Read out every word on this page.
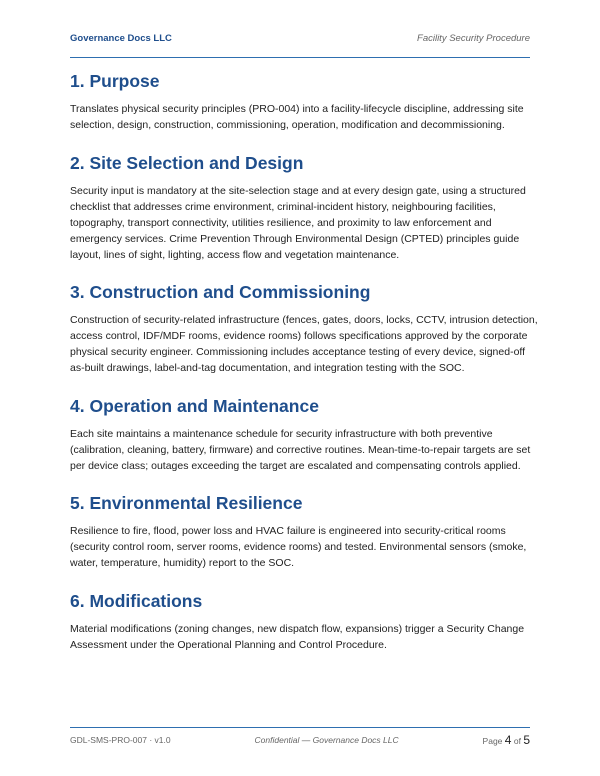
Governance Docs LLC	Facility Security Procedure
1. Purpose

Translates physical security principles (PRO-004) into a facility-lifecycle discipline, addressing site selection, design, construction, commissioning, operation, modification and decommissioning.

2. Site Selection and Design

Security input is mandatory at the site-selection stage and at every design gate, using a structured checklist that addresses crime environment, criminal-incident history, neighbouring facilities, topography, transport connectivity, utilities resilience, and proximity to law enforcement and emergency services. Crime Prevention Through Environmental Design (CPTED) principles guide layout, lines of sight, lighting, access flow and vegetation maintenance.

3. Construction and Commissioning

Construction of security-related infrastructure (fences, gates, doors, locks, CCTV, intrusion detection, access control, IDF/MDF rooms, evidence rooms) follows specifications approved by the corporate physical security engineer. Commissioning includes acceptance testing of every device, signed-off as-built drawings, label-and-tag documentation, and integration testing with the SOC.

4. Operation and Maintenance

Each site maintains a maintenance schedule for security infrastructure with both preventive (calibration, cleaning, battery, firmware) and corrective routines. Mean-time-to-repair targets are set per device class; outages exceeding the target are escalated and compensating controls applied.

5. Environmental Resilience

Resilience to fire, flood, power loss and HVAC failure is engineered into security-critical rooms (security control room, server rooms, evidence rooms) and tested. Environmental sensors (smoke, water, temperature, humidity) report to the SOC.

6. Modifications

Material modifications (zoning changes, new dispatch flow, expansions) trigger a Security Change Assessment under the Operational Planning and Control Procedure.

GDL-SMS-PRO-007 · v1.0	Confidential — Governance Docs LLC	Page 4 of 5
